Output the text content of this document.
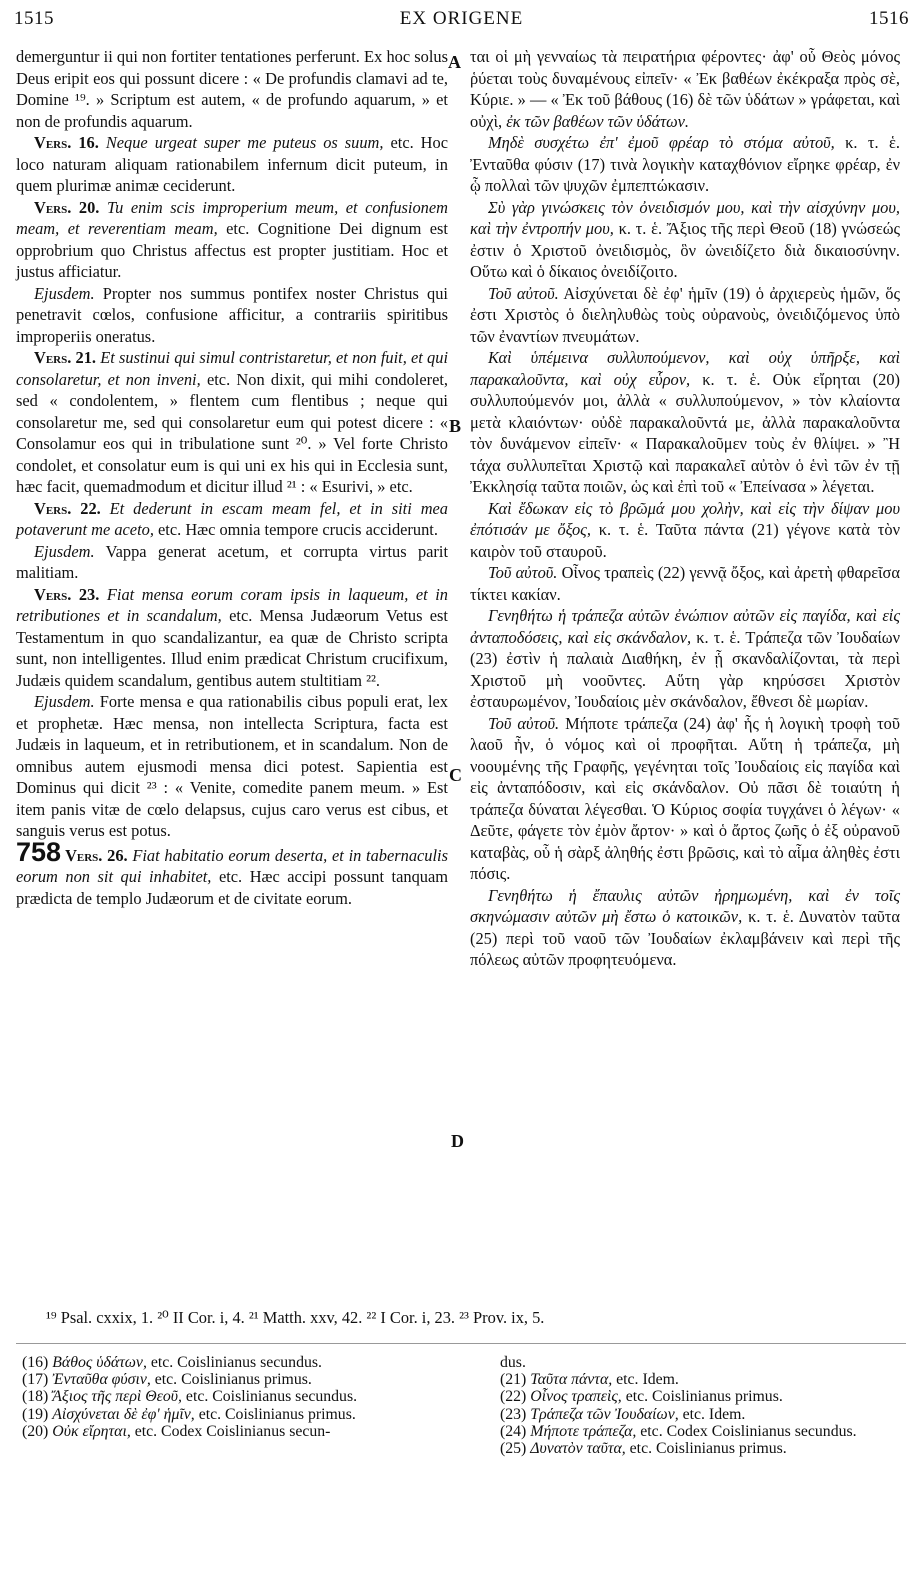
1515	EX ORIGENE	1516
A
B
C
D

demerguntur ii qui non fortiter tentationes perferunt. Ex hoc solus Deus eripit eos qui possunt dicere : « De profundis clamavi ad te, Domine ¹⁹. » Scriptum est autem, « de profundo aquarum, » et non de profundis aquarum.

Vers. 16. Neque urgeat super me puteus os suum, etc. Hoc loco naturam aliquam rationabilem infernum dicit puteum, in quem plurimæ animæ ceciderunt.

Vers. 20. Tu enim scis improperium meum, et confusionem meam, et reverentiam meam, etc. Cognitione Dei dignum est opprobrium quo Christus affectus est propter justitiam. Hoc et justus afficiatur.

Ejusdem. Propter nos summus pontifex noster Christus qui penetravit cœlos, confusione afficitur, a contrariis spiritibus improperiis oneratus.

Vers. 21. Et sustinui qui simul contristaretur, et non fuit, et qui consolaretur, et non inveni, etc. Non dixit, qui mihi condoleret, sed « condolentem, » flentem cum flentibus ; neque qui consolaretur me, sed qui consolaretur eum qui potest dicere : « Consolamur eos qui in tribulatione sunt ²⁰. » Vel forte Christo condolet, et consolatur eum is qui uni ex his qui in Ecclesia sunt, hæc facit, quemadmodum et dicitur illud ²¹ : « Esurivi, » etc.

Vers. 22. Et dederunt in escam meam fel, et in siti mea potaverunt me aceto, etc. Hæc omnia tempore crucis acciderunt.

Ejusdem. Vappa generat acetum, et corrupta virtus parit malitiam.

Vers. 23. Fiat mensa eorum coram ipsis in laqueum, et in retributiones et in scandalum, etc. Mensa Judæorum Vetus est Testamentum in quo scandalizantur, ea quæ de Christo scripta sunt, non intelligentes. Illud enim prædicat Christum crucifixum, Judæis quidem scandalum, gentibus autem stultitiam ²².

Ejusdem. Forte mensa e qua rationabilis cibus populi erat, lex et prophetæ. Hæc mensa, non intellecta Scriptura, facta est Judæis in laqueum, et in retributionem, et in scandalum. Non de omnibus autem ejusmodi mensa dici potest. Sapientia est Dominus qui dicit ²³ : « Venite, comedite panem meum. » Est item panis vitæ de cœlo delapsus, cujus caro verus est cibus, et sanguis verus est potus.

758 Vers. 26. Fiat habitatio eorum deserta, et in tabernaculis eorum non sit qui inhabitet, etc. Hæc accipi possunt tanquam prædicta de templo Judæorum et de civitate eorum.

ται οἱ μὴ γενναίως τὰ πειρατήρια φέροντες· ἀφ' οὗ Θεὸς μόνος ῥύεται τοὺς δυναμένους εἰπεῖν· « Ἐκ βαθέων ἐκέκραξα πρὸς σὲ, Κύριε. » — « Ἐκ τοῦ βάθους (16) δὲ τῶν ὑδάτων » γράφεται, καὶ οὐχὶ, ἐκ τῶν βαθέων τῶν ὑδάτων.

Μηδὲ συσχέτω ἐπ' ἐμοῦ φρέαρ τὸ στόμα αὐτοῦ, κ. τ. ἑ. Ἐνταῦθα φύσιν (17) τινὰ λογικὴν καταχθόνιον εἴρηκε φρέαρ, ἐν ᾧ πολλαὶ τῶν ψυχῶν ἐμπεπτώκασιν.

Σὺ γὰρ γινώσκεις τὸν ὀνειδισμόν μου, καὶ τὴν αἰσχύνην μου, καὶ τὴν ἐντροπήν μου, κ. τ. ἑ. Ἄξιος τῆς περὶ Θεοῦ (18) γνώσεώς ἐστιν ὁ Χριστοῦ ὀνειδισμὸς, ὃν ὠνειδίζετο διὰ δικαιοσύνην. Οὕτω καὶ ὁ δίκαιος ὀνειδίζοιτο.

Τοῦ αὐτοῦ. Αἰσχύνεται δὲ ἐφ' ἡμῖν (19) ὁ ἀρχιερεὺς ἡμῶν, ὅς ἐστι Χριστὸς ὁ διεληλυθὼς τοὺς οὐρανοὺς, ὀνειδιζόμενος ὑπὸ τῶν ἐναντίων πνευμάτων.

Καὶ ὑπέμεινα συλλυπούμενον, καὶ οὐχ ὑπῆρξε, καὶ παρακαλοῦντα, καὶ οὐχ εὗρον, κ. τ. ἑ. Οὐκ εἴρηται (20) συλλυπούμενόν μοι, ἀλλὰ « συλλυπούμενον, » τὸν κλαίοντα μετὰ κλαιόντων· οὐδὲ παρακαλοῦντά με, ἀλλὰ παρακαλοῦντα τὸν δυνάμενον εἰπεῖν· « Παρακαλοῦμεν τοὺς ἐν θλίψει. » Ἢ τάχα συλλυπεῖται Χριστῷ καὶ παρακαλεῖ αὐτὸν ὁ ἑνὶ τῶν ἐν τῇ Ἐκκλησίᾳ ταῦτα ποιῶν, ὡς καὶ ἐπὶ τοῦ « Ἐπείνασα » λέγεται.

Καὶ ἔδωκαν εἰς τὸ βρῶμά μου χολὴν, καὶ εἰς τὴν δίψαν μου ἐπότισάν με ὄξος, κ. τ. ἑ. Ταῦτα πάντα (21) γέγονε κατὰ τὸν καιρὸν τοῦ σταυροῦ.

Τοῦ αὐτοῦ. Οἶνος τραπεὶς (22) γεννᾷ ὄξος, καὶ ἀρετὴ φθαρεῖσα τίκτει κακίαν.

Γενηθήτω ἡ τράπεζα αὐτῶν ἐνώπιον αὐτῶν εἰς παγίδα, καὶ εἰς ἀνταποδόσεις, καὶ εἰς σκάνδαλον, κ. τ. ἑ. Τράπεζα τῶν Ἰουδαίων (23) ἐστὶν ἡ παλαιὰ Διαθήκη, ἐν ᾗ σκανδαλίζονται, τὰ περὶ Χριστοῦ μὴ νοοῦντες. Αὕτη γὰρ κηρύσσει Χριστὸν ἐσταυρωμένον, Ἰουδαίοις μὲν σκάνδαλον, ἔθνεσι δὲ μωρίαν.

Τοῦ αὐτοῦ. Μήποτε τράπεζα (24) ἀφ' ἧς ἡ λογικὴ τροφὴ τοῦ λαοῦ ἦν, ὁ νόμος καὶ οἱ προφῆται. Αὕτη ἡ τράπεζα, μὴ νοουμένης τῆς Γραφῆς, γεγένηται τοῖς Ἰουδαίοις εἰς παγίδα καὶ εἰς ἀνταπόδοσιν, καὶ εἰς σκάνδαλον. Οὐ πᾶσι δὲ τοιαύτη ἡ τράπεζα δύναται λέγεσθαι. Ὁ Κύριος σοφία τυγχάνει ὁ λέγων· « Δεῦτε, φάγετε τὸν ἐμὸν ἄρτον· » καὶ ὁ ἄρτος ζωῆς ὁ ἐξ οὐρανοῦ καταβὰς, οὗ ἡ σὰρξ ἀληθής ἐστι βρῶσις, καὶ τὸ αἷμα ἀληθὲς ἐστι πόσις.

Γενηθήτω ἡ ἔπαυλις αὐτῶν ἠρημωμένη, καὶ ἐν τοῖς σκηνώμασιν αὐτῶν μὴ ἔστω ὁ κατοικῶν, κ. τ. ἑ. Δυνατὸν ταῦτα (25) περὶ τοῦ ναοῦ τῶν Ἰουδαίων ἐκλαμβάνειν καὶ περὶ τῆς πόλεως αὐτῶν προφητευόμενα.

¹⁹ Psal. cxxix, 1. ²⁰ II Cor. i, 4. ²¹ Matth. xxv, 42. ²² I Cor. i, 23. ²³ Prov. ix, 5.

(16) Βάθος ὑδάτων, etc. Coislinianus secundus.

(17) Ἐνταῦθα φύσιν, etc. Coislinianus primus.

(18) Ἄξιος τῆς περὶ Θεοῦ, etc. Coislinianus secundus.

(19) Αἰσχύνεται δὲ ἐφ' ἡμῖν, etc. Coislinianus primus.

(20) Οὐκ εἴρηται, etc. Codex Coislinianus secun-

dus.

(21) Ταῦτα πάντα, etc. Idem.

(22) Οἶνος τραπεὶς, etc. Coislinianus primus.

(23) Τράπεζα τῶν Ἰουδαίων, etc. Idem.

(24) Μήποτε τράπεζα, etc. Codex Coislinianus secundus.

(25) Δυνατὸν ταῦτα, etc. Coislinianus primus.
